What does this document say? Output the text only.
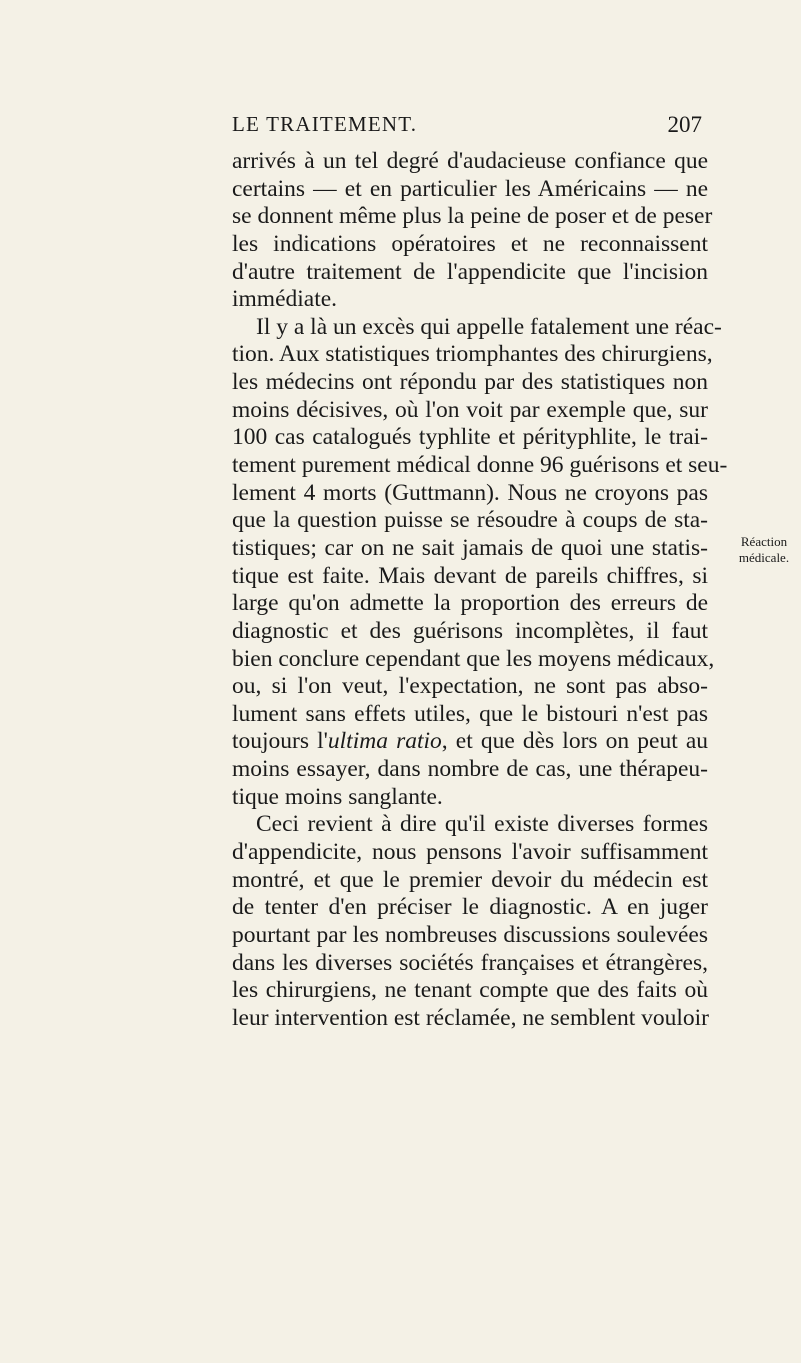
LE TRAITEMENT.	207
arrivés à un tel degré d'audacieuse confiance que
certains — et en particulier les Américains — ne
se donnent même plus la peine de poser et de peser
les indications opératoires et ne reconnaissent
d'autre traitement de l'appendicite que l'incision
immédiate.
Il y a là un excès qui appelle fatalement une réac-
tion. Aux statistiques triomphantes des chirurgiens,
les médecins ont répondu par des statistiques non
moins décisives, où l'on voit par exemple que, sur
100 cas catalogués typhlite et pérityphlite, le trai-
tement purement médical donne 96 guérisons et seu-
lement 4 morts (Guttmann). Nous ne croyons pas
que la question puisse se résoudre à coups de sta-
tistiques; car on ne sait jamais de quoi une statis-
tique est faite. Mais devant de pareils chiffres, si
large qu'on admette la proportion des erreurs de
diagnostic et des guérisons incomplètes, il faut
bien conclure cependant que les moyens médicaux,
ou, si l'on veut, l'expectation, ne sont pas abso-
lument sans effets utiles, que le bistouri n'est pas
toujours l'ultima ratio, et que dès lors on peut au
moins essayer, dans nombre de cas, une thérapeu-
tique moins sanglante.
Ceci revient à dire qu'il existe diverses formes
d'appendicite, nous pensons l'avoir suffisamment
montré, et que le premier devoir du médecin est
de tenter d'en préciser le diagnostic. A en juger
pourtant par les nombreuses discussions soulevées
dans les diverses sociétés françaises et étrangères,
les chirurgiens, ne tenant compte que des faits où
leur intervention est réclamée, ne semblent vouloir
Réaction
médicale.
